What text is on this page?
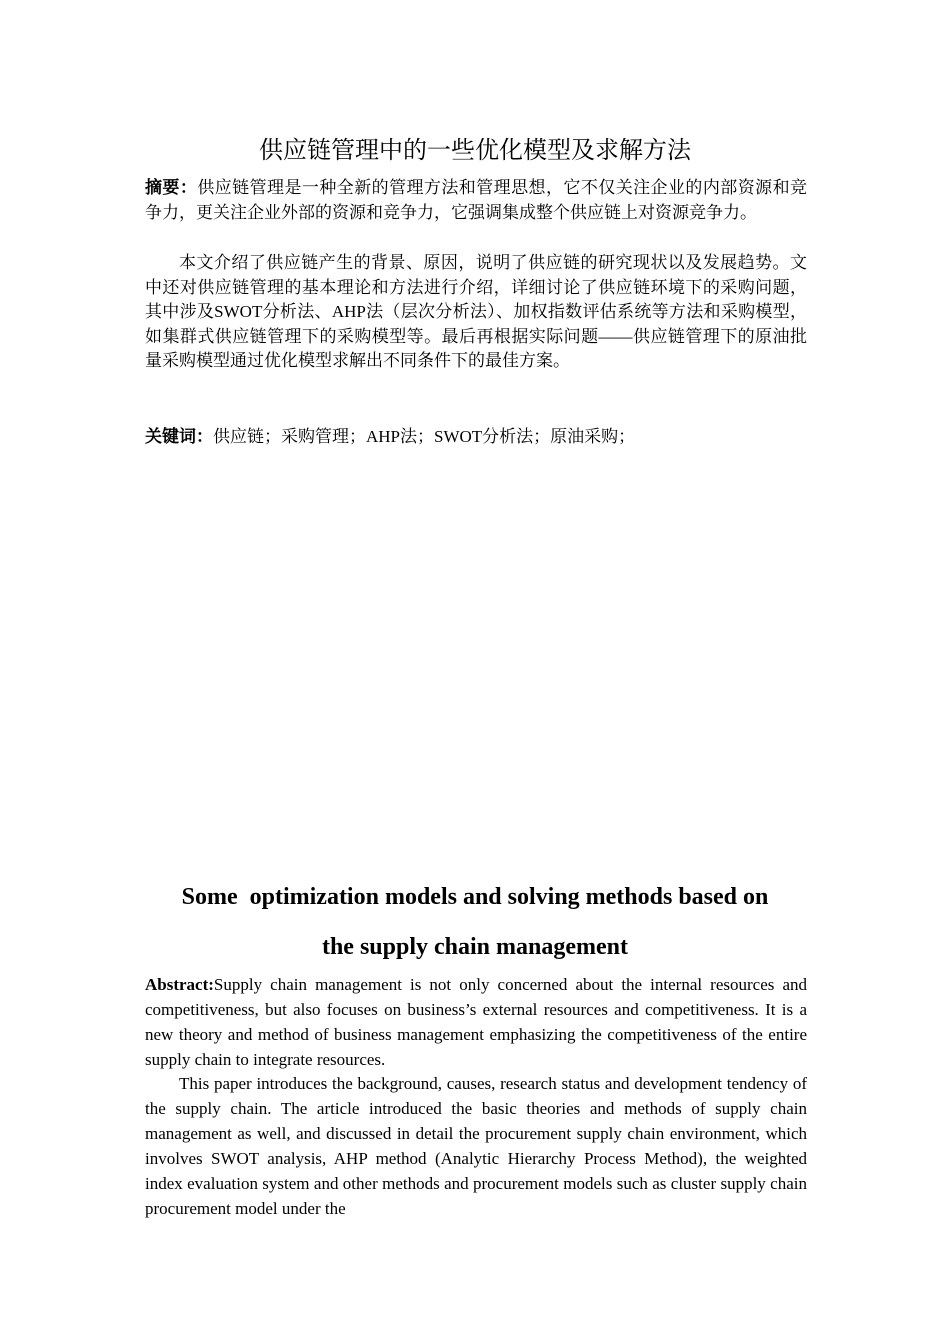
供应链管理中的一些优化模型及求解方法

摘要：供应链管理是一种全新的管理方法和管理思想，它不仅关注企业的内部资源和竞争力，更关注企业外部的资源和竞争力，它强调集成整个供应链上对资源竞争力。

本文介绍了供应链产生的背景、原因，说明了供应链的研究现状以及发展趋势。文中还对供应链管理的基本理论和方法进行介绍，详细讨论了供应链环境下的采购问题，其中涉及SWOT分析法、AHP法（层次分析法）、加权指数评估系统等方法和采购模型，如集群式供应链管理下的采购模型等。最后再根据实际问题——供应链管理下的原油批量采购模型通过优化模型求解出不同条件下的最佳方案。

关键词：供应链；采购管理；AHP法；SWOT分析法；原油采购；
Some  optimization models and solving methods based on
the supply chain management

Abstract:Supply chain management is not only concerned about the internal resources and competitiveness, but also focuses on business’s external resources and competitiveness. It is a new theory and method of business management emphasizing the competitiveness of the entire supply chain to integrate resources.

This paper introduces the background, causes, research status and development tendency of the supply chain. The article introduced the basic theories and methods of supply chain management as well, and discussed in detail the procurement supply chain environment, which involves SWOT analysis, AHP method (Analytic Hierarchy Process Method), the weighted index evaluation system and other methods and procurement models such as cluster supply chain procurement model under the
